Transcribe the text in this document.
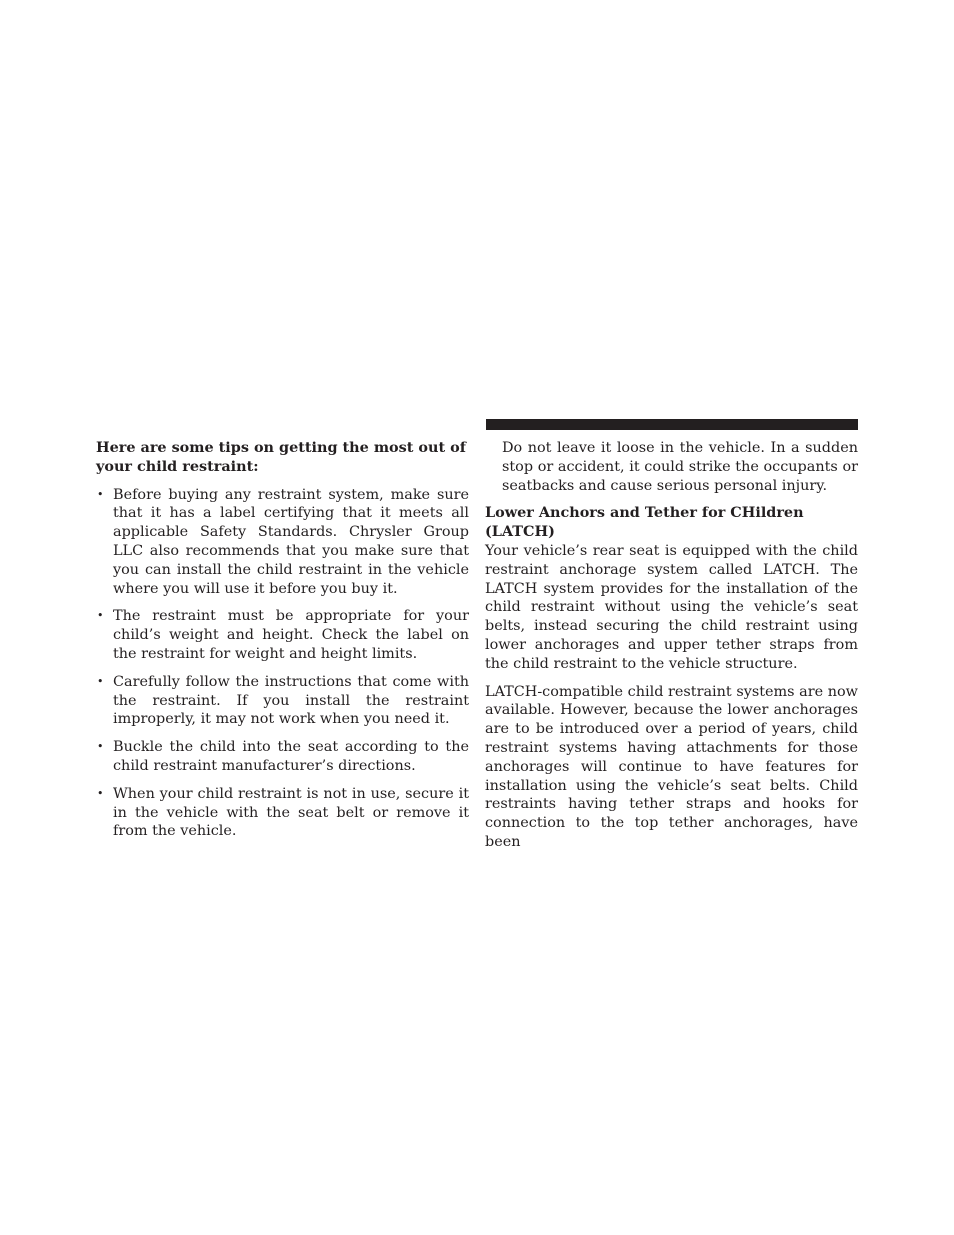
Here are some tips on getting the most out of your child restraint:

• Before buying any restraint system, make sure that it has a label certifying that it meets all applicable Safety Standards. Chrysler Group LLC also recommends that you make sure that you can install the child restraint in the vehicle where you will use it before you buy it.
• The restraint must be appropriate for your child’s weight and height. Check the label on the restraint for weight and height limits.
• Carefully follow the instructions that come with the restraint. If you install the restraint improperly, it may not work when you need it.
• Buckle the child into the seat according to the child restraint manufacturer’s directions.
• When your child restraint is not in use, secure it in the vehicle with the seat belt or remove it from the vehicle.

Do not leave it loose in the vehicle. In a sudden stop or accident, it could strike the occupants or seatbacks and cause serious personal injury.

Lower Anchors and Tether for CHildren (LATCH)

Your vehicle’s rear seat is equipped with the child restraint anchorage system called LATCH. The LATCH system provides for the installation of the child restraint without using the vehicle’s seat belts, instead securing the child restraint using lower anchorages and upper tether straps from the child restraint to the vehicle structure.

LATCH-compatible child restraint systems are now available. However, because the lower anchorages are to be introduced over a period of years, child restraint systems having attachments for those anchorages will continue to have features for installation using the vehicle’s seat belts. Child restraints having tether straps and hooks for connection to the top tether anchorages, have been
